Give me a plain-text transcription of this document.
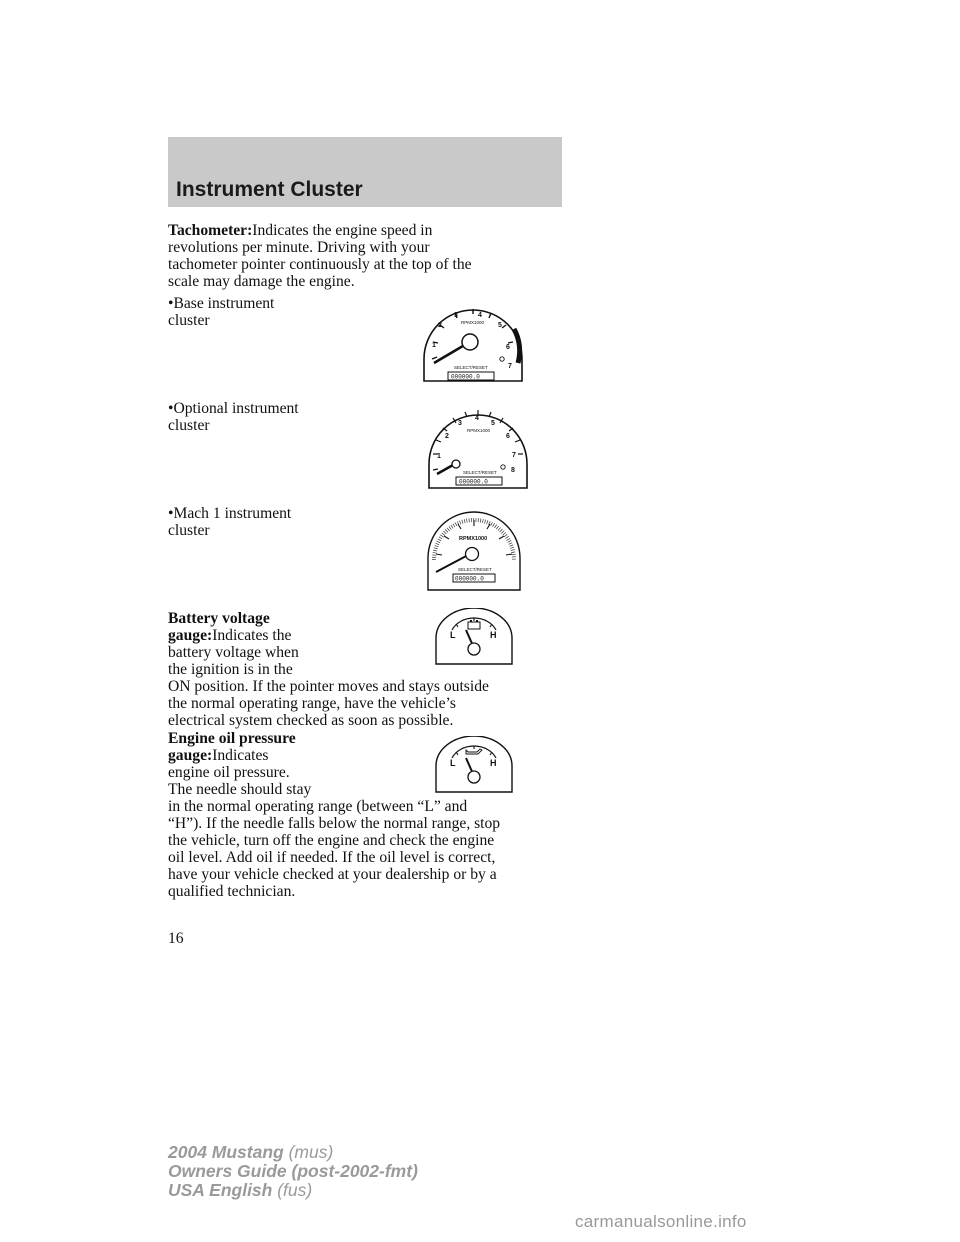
Instrument Cluster
Tachometer:Indicates the engine speed in
revolutions per minute. Driving with your
tachometer pointer continuously at the top of the
scale may damage the engine.
•Base instrument
cluster
•Optional instrument
cluster
•Mach 1 instrument
cluster
1
2
3	4
5
6
7
RPMX1000
SELECT/RESET
000000.0
1
2
3
4
5
6
7
8
RPMX1000
SELECT/RESET
000000.0
RPMX1000
SELECT/RESET
000000.0
Battery voltage
gauge:Indicates the
battery voltage when
the ignition is in the
ON position. If the pointer moves and stays outside
the normal operating range, have the vehicle’s
electrical system checked as soon as possible.
L	H
Engine oil pressure
gauge:Indicates
engine oil pressure.
The needle should stay
in the normal operating range (between “L” and
“H”). If the needle falls below the normal range, stop
the vehicle, turn off the engine and check the engine
oil level. Add oil if needed. If the oil level is correct,
have your vehicle checked at your dealership or by a
qualified technician.
L	H
16
2004 Mustang (mus)
Owners Guide (post-2002-fmt)
USA English (fus)
carmanualsonline.info
